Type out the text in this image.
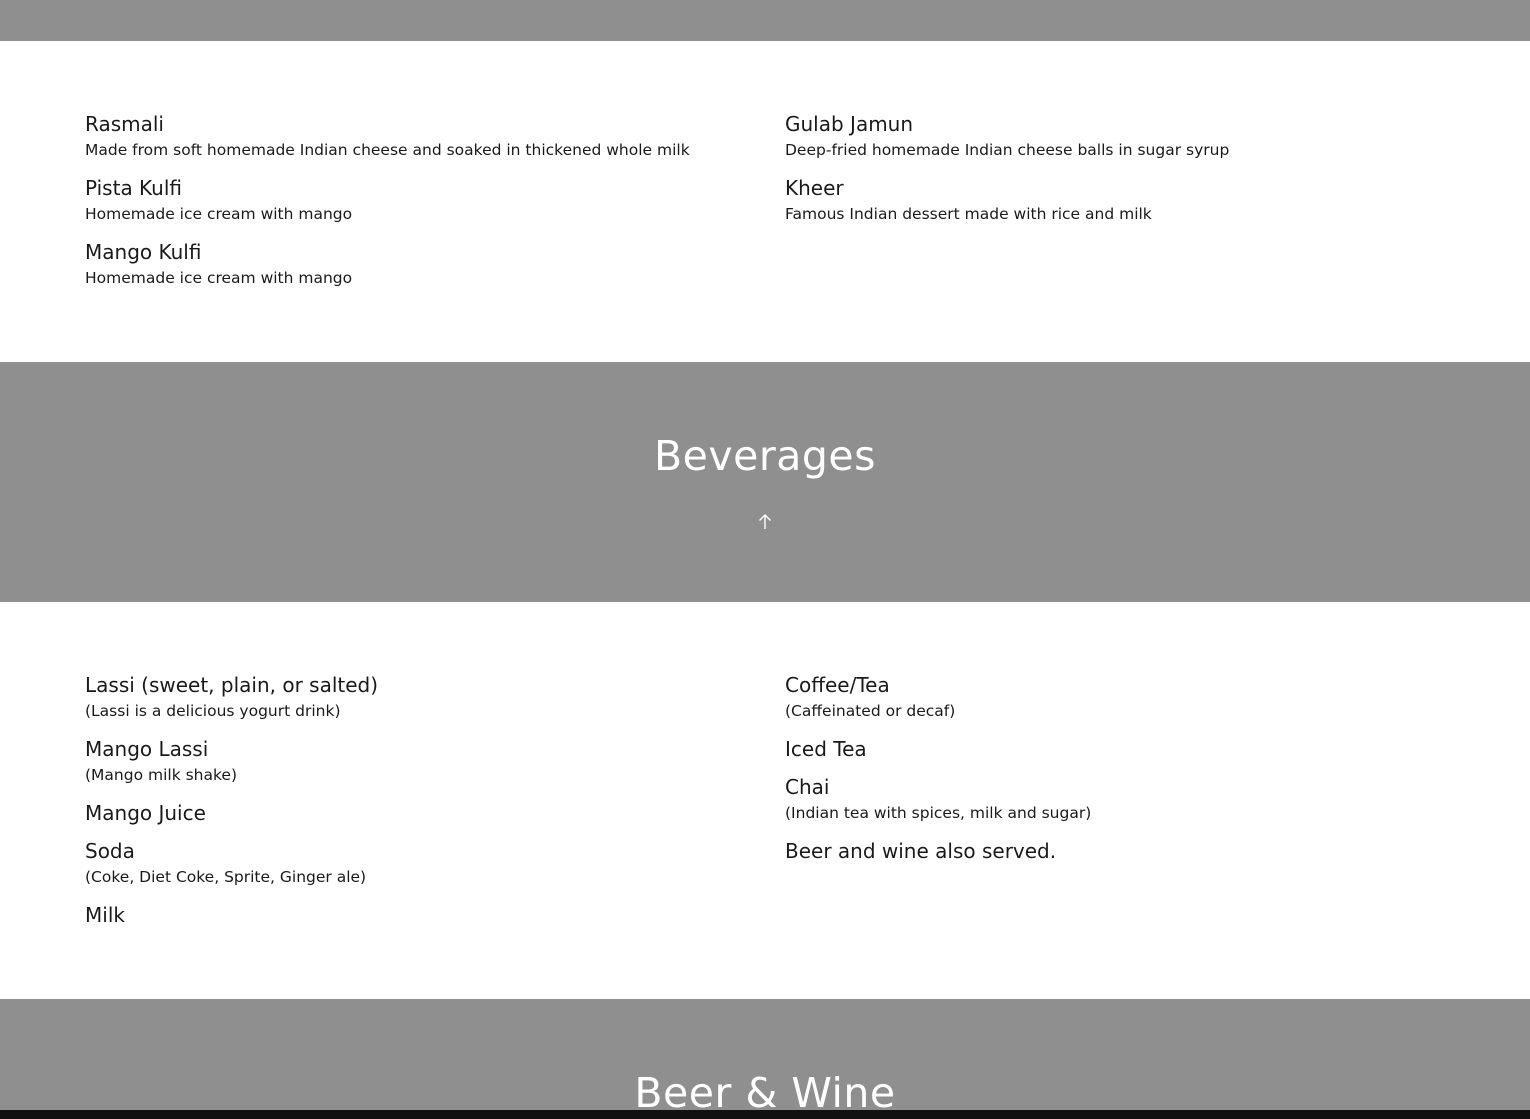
Rasmali
Made from soft homemade Indian cheese and soaked in thickened whole milk
Pista Kulfi
Homemade ice cream with mango
Mango Kulfi
Homemade ice cream with mango
Gulab Jamun
Deep-fried homemade Indian cheese balls in sugar syrup
Kheer
Famous Indian dessert made with rice and milk
Beverages
Lassi (sweet, plain, or salted)
(Lassi is a delicious yogurt drink)
Mango Lassi
(Mango milk shake)
Mango Juice
Soda
(Coke, Diet Coke, Sprite, Ginger ale)
Milk
Coffee/Tea
(Caffeinated or decaf)
Iced Tea
Chai
(Indian tea with spices, milk and sugar)
Beer and wine also served.
Beer & Wine
